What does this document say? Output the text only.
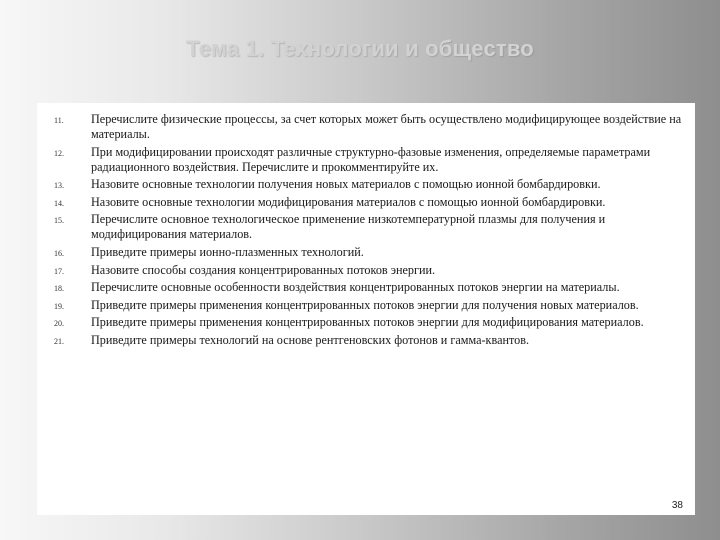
Тема 1. Технологии и общество
11. Перечислите физические процессы, за счет которых может быть осуществлено модифицирующее воздействие на материалы.
12. При модифицировании происходят различные структурно-фазовые изменения, определяемые параметрами радиационного воздействия. Перечислите и прокомментируйте их.
13. Назовите основные технологии получения новых материалов с помощью ионной бомбардировки.
14. Назовите основные технологии модифицирования материалов с помощью ионной бомбардировки.
15. Перечислите основное технологическое применение низкотемпературной плазмы для получения и модифицирования материалов.
16. Приведите примеры ионно-плазменных технологий.
17. Назовите способы создания концентрированных потоков энергии.
18. Перечислите основные особенности воздействия концентрированных потоков энергии на материалы.
19. Приведите примеры применения концентрированных потоков энергии для получения новых материалов.
20. Приведите примеры применения концентрированных потоков энергии для модифицирования материалов.
21. Приведите примеры технологий на основе рентгеновских фотонов и гамма-квантов.
38
